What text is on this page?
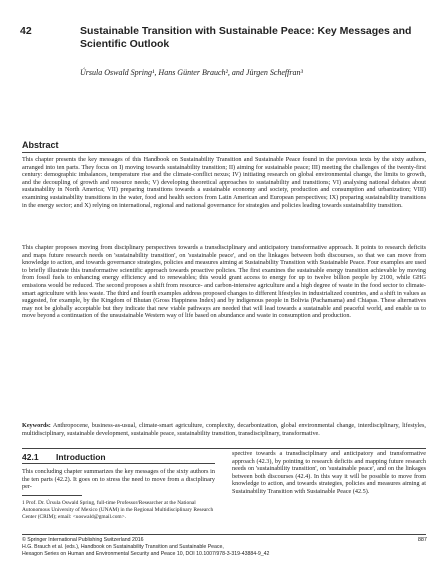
42	Sustainable Transition with Sustainable Peace: Key Messages and Scientific Outlook
Úrsula Oswald Spring¹, Hans Günter Brauch², and Jürgen Scheffran³
Abstract
This chapter presents the key messages of this Handbook on Sustainability Transition and Sustainable Peace found in the previous texts by the sixty authors, arranged into ten parts. They focus on I) moving towards sustainability transition; II) aiming for sustainable peace; III) meeting the challenges of the twenty-first century: demographic imbalances, temperature rise and the climate-conflict nexus; IV) initiating research on global environmental change, the limits to growth, and the decoupling of growth and resource needs; V) developing theoretical approaches to sustainability and transitions; VI) analysing national debates about sustainability in North America; VII) preparing transitions towards a sustainable economy and society, production and consumption and urbanization; VIII) examining sustainability transitions in the water, food and health sectors from Latin American and European perspectives; IX) preparing sustainability transitions in the energy sector; and X) relying on international, regional and national governance for strategies and policies leading towards sustainability transition.
This chapter proposes moving from disciplinary perspectives towards a transdisciplinary and anticipatory transformative approach. It points to research deficits and maps future research needs on 'sustainability transition', on 'sustainable peace', and on the linkages between both discourses, so that we can move from knowledge to action, and towards governance strategies, policies and measures aiming at Sustainability Transition with Sustainable Peace. Four examples are used to briefly illustrate this transformative scientific approach towards proactive policies. The first examines the sustainable energy transition achievable by moving from fossil fuels to enhancing energy efficiency and to renewables; this would grant access to energy for up to twelve billion people by 2100, while GHG emissions would be reduced. The second proposes a shift from resource- and carbon-intensive agriculture and a high degree of waste in the food sector to climate-smart agriculture with less waste. The third and fourth examples address proposed changes to different lifestyles in industrialized countries, and a shift in values as suggested, for example, by the Kingdom of Bhutan (Gross Happiness Index) and by indigenous people in Bolivia (Pachamama) and Chiapas. These alternatives may not be globally acceptable but they indicate that new viable pathways are needed that will lead towards a sustainable and peaceful world, and enable us to move beyond a continuation of the unsustainable Western way of life based on abundance and waste in consumption and production.
Keywords: Anthropocene, business-as-usual, climate-smart agriculture, complexity, decarbonization, global environmental change, interdisciplinary, lifestyles, multidisciplinary, sustainable development, sustainable peace, sustainability transition, transdisciplinary, transformative.
42.1 Introduction
This concluding chapter summarizes the key messages of the sixty authors in the ten parts (42.2). It goes on to stress the need to move from a disciplinary per-
spective towards a transdisciplinary and anticipatory and transformative approach (42.3), by pointing to research deficits and mapping future research needs on 'sustainability transition', on 'sustainable peace', and on the linkages between both discourses (42.4). In this way it will be possible to move from knowledge to action, and towards strategies, policies and measures aiming at Sustainability Transition with Sustainable Peace (42.5).
1 Prof. Dr. Úrsula Oswald Spring, full-time Professor/Researcher at the National Autonomous University of Mexico (UNAM) in the Regional Multidisciplinary Research Center (CRIM); email: <uoswald@gmail.com>.
© Springer International Publishing Switzerland 2016
H.G. Brauch et al. (eds.), Handbook on Sustainability Transition and Sustainable Peace,
Hexagon Series on Human and Environmental Security and Peace 10, DOI 10.1007/978-3-319-43884-9_42
887
